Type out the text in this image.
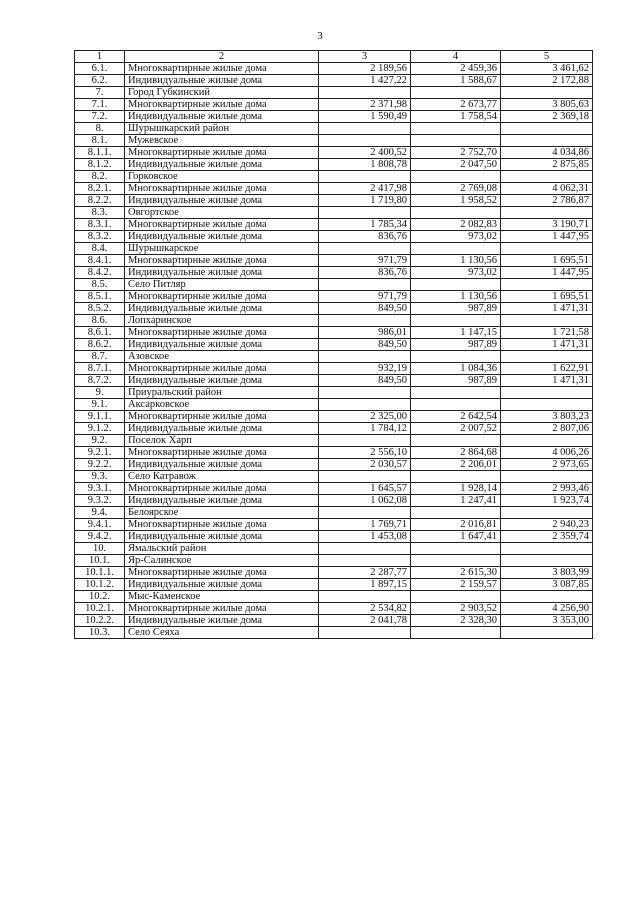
3
1	2	3	4	5
6.1.	Многоквартирные жилые дома	2 189,56	2 459,36	3 461,62
6.2.	Индивидуальные жилые дома	1 427,22	1 588,67	2 172,88
7.	Город Губкинский			
7.1.	Многоквартирные жилые дома	2 371,98	2 673,77	3 805,63
7.2.	Индивидуальные жилые дома	1 590,49	1 758,54	2 369,18
8.	Шурышкарский район			
8.1.	Мужевское			
8.1.1.	Многоквартирные жилые дома	2 400,52	2 752,70	4 034,86
8.1.2.	Индивидуальные жилые дома	1 808,78	2 047,50	2 875,85
8.2.	Горковское			
8.2.1.	Многоквартирные жилые дома	2 417,98	2 769,08	4 062,31
8.2.2.	Индивидуальные жилые дома	1 719,80	1 958,52	2 786,87
8.3.	Овгортское			
8.3.1.	Многоквартирные жилые дома	1 785,34	2 082,83	3 190,71
8.3.2.	Индивидуальные жилые дома	836,76	973,02	1 447,95
8.4.	Шурышкарское			
8.4.1.	Многоквартирные жилые дома	971,79	1 130,56	1 695,51
8.4.2.	Индивидуальные жилые дома	836,76	973,02	1 447,95
8.5.	Село Питляр			
8.5.1.	Многоквартирные жилые дома	971,79	1 130,56	1 695,51
8.5.2.	Индивидуальные жилые дома	849,50	987,89	1 471,31
8.6.	Лопхаринское			
8.6.1.	Многоквартирные жилые дома	986,01	1 147,15	1 721,58
8.6.2.	Индивидуальные жилые дома	849,50	987,89	1 471,31
8.7.	Азовское			
8.7.1.	Многоквартирные жилые дома	932,19	1 084,36	1 622,91
8.7.2.	Индивидуальные жилые дома	849,50	987,89	1 471,31
9.	Приуральский район			
9.1.	Аксарковское			
9.1.1.	Многоквартирные жилые дома	2 325,00	2 642,54	3 803,23
9.1.2.	Индивидуальные жилые дома	1 784,12	2 007,52	2 807,06
9.2.	Поселок Харп			
9.2.1.	Многоквартирные жилые дома	2 556,10	2 864,68	4 006,26
9.2.2.	Индивидуальные жилые дома	2 030,57	2 206,01	2 973,65
9.3.	Село Катравож			
9.3.1.	Многоквартирные жилые дома	1 645,57	1 928,14	2 993,46
9.3.2.	Индивидуальные жилые дома	1 062,08	1 247,41	1 923,74
9.4.	Белоярское			
9.4.1.	Многоквартирные жилые дома	1 769,71	2 016,81	2 940,23
9.4.2.	Индивидуальные жилые дома	1 453,08	1 647,41	2 359,74
10.	Ямальский район			
10.1.	Яр-Салинское			
10.1.1.	Многоквартирные жилые дома	2 287,77	2 615,30	3 803,99
10.1.2.	Индивидуальные жилые дома	1 897,15	2 159,57	3 087,85
10.2.	Мыс-Каменское			
10.2.1.	Многоквартирные жилые дома	2 534,82	2 903,52	4 256,90
10.2.2.	Индивидуальные жилые дома	2 041,78	2 328,30	3 353,00
10.3.	Село Сеяха			
